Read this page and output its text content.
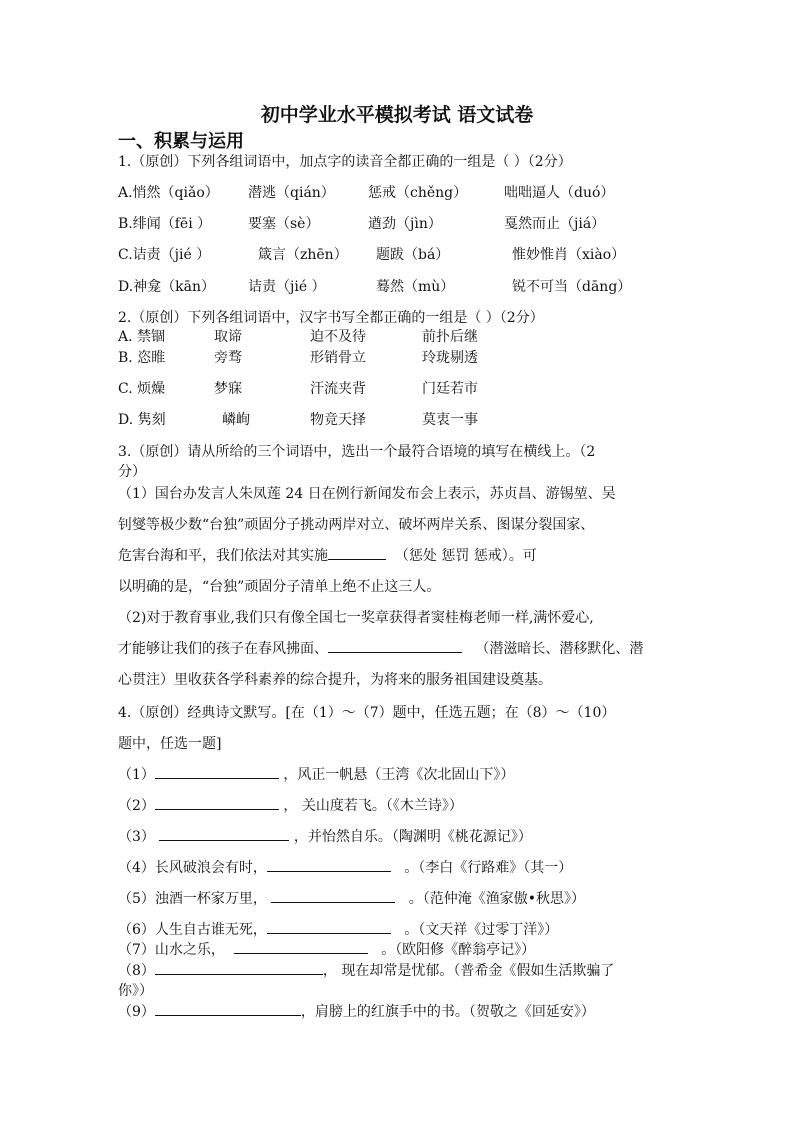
初中学业水平模拟考试 语文试卷
一、积累与运用
1.（原创）下列各组词语中，加点字的读音全都正确的一组是（ ）（2分）
A.悄然（qiǎo） 潜逃（qián） 惩戒（chěng）	咄咄逼人（duó）
B.绯闻（fēi ）	要塞（sè）	遒劲（jìn）	戛然而止（jiá）
C.诘责（jié ）	箴言（zhēn） 题跋（bá）	惟妙惟肖（xiào）
D.神龛（kān） 诘责（jié ）	蓦然（mù）	锐不可当（dāng）
2.（原创）下列各组词语中，汉字书写全都正确的一组是（ ）（2分）
A. 禁锢	取谛	迫不及待	前扑后继
B. 恣睢	旁骛	形销骨立	玲珑剔透
C. 烦燥	梦寐	汗流夹背	门廷若市
D. 隽刻	嶙峋	物竞天择	莫衷一事
3.（原创）请从所给的三个词语中，选出一个最符合语境的填写在横线上。（2
分）
（1）国台办发言人朱凤莲 24 日在例行新闻发布会上表示，苏贞昌、游锡堃、吴
钊燮等极少数“台独”顽固分子挑动两岸对立、破坏两岸关系、图谋分裂国家、
危害台海和平，我们依法对其实施	（惩处 惩罚 惩戒）。可
以明确的是，“台独”顽固分子清单上绝不止这三人。
（2)对于教育事业,我们只有像全国七一奖章获得者窦桂梅老师一样,满怀爱心,
才能够让我们的孩子在春风拂面、	（潜滋暗长、潜移默化、潜
心贯注）里收获各学科素养的综合提升，为将来的服务祖国建设奠基。
4.（原创）经典诗文默写。[在（1）～（7）题中，任选五题；在（8）～（10）
题中，任选一题]
（1）	，风正一帆悬（王湾《次北固山下》）
（2）	， 关山度若飞。（《木兰诗》）
（3）	，并怡然自乐。（陶渊明《桃花源记》）
（4）长风破浪会有时，	。（李白《行路难》（其一）
（5）浊酒一杯家万里，	。（范仲淹《渔家傲•秋思》）
（6）人生自古谁无死，	。（文天祥《过零丁洋》）
（7）山水之乐，	。（欧阳修《醉翁亭记》）
（8）	， 现在却常是忧郁。（普希金《假如生活欺骗了
你》）
（9）	，肩膀上的红旗手中的书。（贺敬之《回延安》）
